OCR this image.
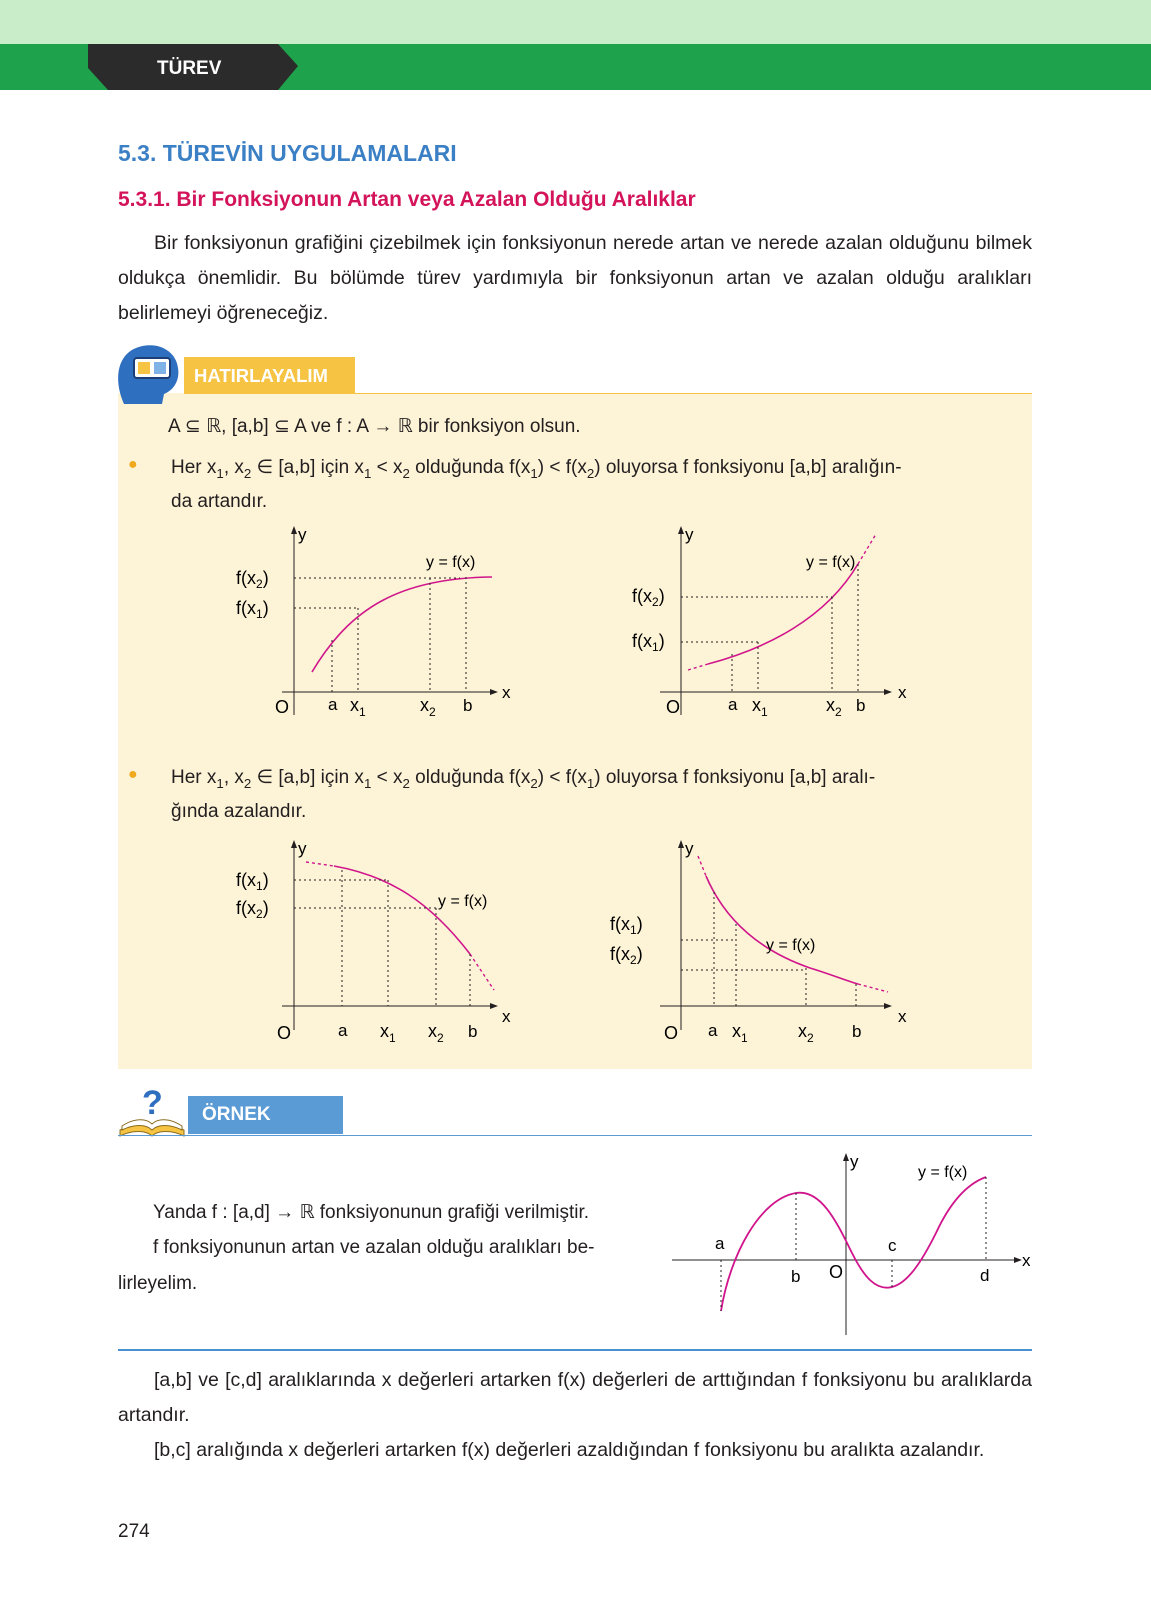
TÜREV
5.3. TÜREVİN UYGULAMALARI
5.3.1. Bir Fonksiyonun Artan veya Azalan Olduğu Aralıklar
Bir fonksiyonun grafiğini çizebilmek için fonksiyonun nerede artan ve nerede azalan olduğunu bilmek oldukça önemlidir. Bu bölümde türev yardımıyla bir fonksiyonun artan ve azalan olduğu aralıkları belirlemeyi öğreneceğiz.
HATIRLAYALIM
A ⊆ ℝ, [a,b] ⊆ A ve f : A → ℝ bir fonksiyon olsun.
● Her $x_1$, $x_2$ ∈ [a,b] için $x_1 < x_2$ olduğunda $f(x_1) < f(x_2)$ oluyorsa f fonksiyonu [a,b] aralığın-
da artandır.
y
x
O
$f(x_2)$
$f(x_1)$
a $x_1$	$x_2$ b
y = f(x)
y
x
O
$f(x_2)$
$f(x_1)$
a $x_1$	$x_2$ b
y = f(x)
● Her $x_1$, $x_2$ ∈ [a,b] için $x_1 < x_2$ olduğunda $f(x_2) < f(x_1)$ oluyorsa f fonksiyonu [a,b] aralı-
ğında azalandır.
y
x
O
$f(x_1)$
$f(x_2)$
a $x_1$ $x_2$ b
y = f(x)
y
x
O
$f(x_1)$
$f(x_2)$
a $x_1$	$x_2$ b
y = f(x)
?	ÖRNEK
Yanda f : [a,d] → ℝ fonksiyonunun grafiği verilmiştir.
f fonksiyonunun artan ve azalan olduğu aralıkları be-
lirleyelim.
y
x
O
a
b
c
d
y = f(x)
[a,b] ve [c,d] aralıklarında x değerleri artarken f(x) değerleri de arttığından f fonksiyonu bu aralıklarda artandır.
[b,c] aralığında x değerleri artarken f(x) değerleri azaldığından f fonksiyonu bu aralıkta azalandır.
274
